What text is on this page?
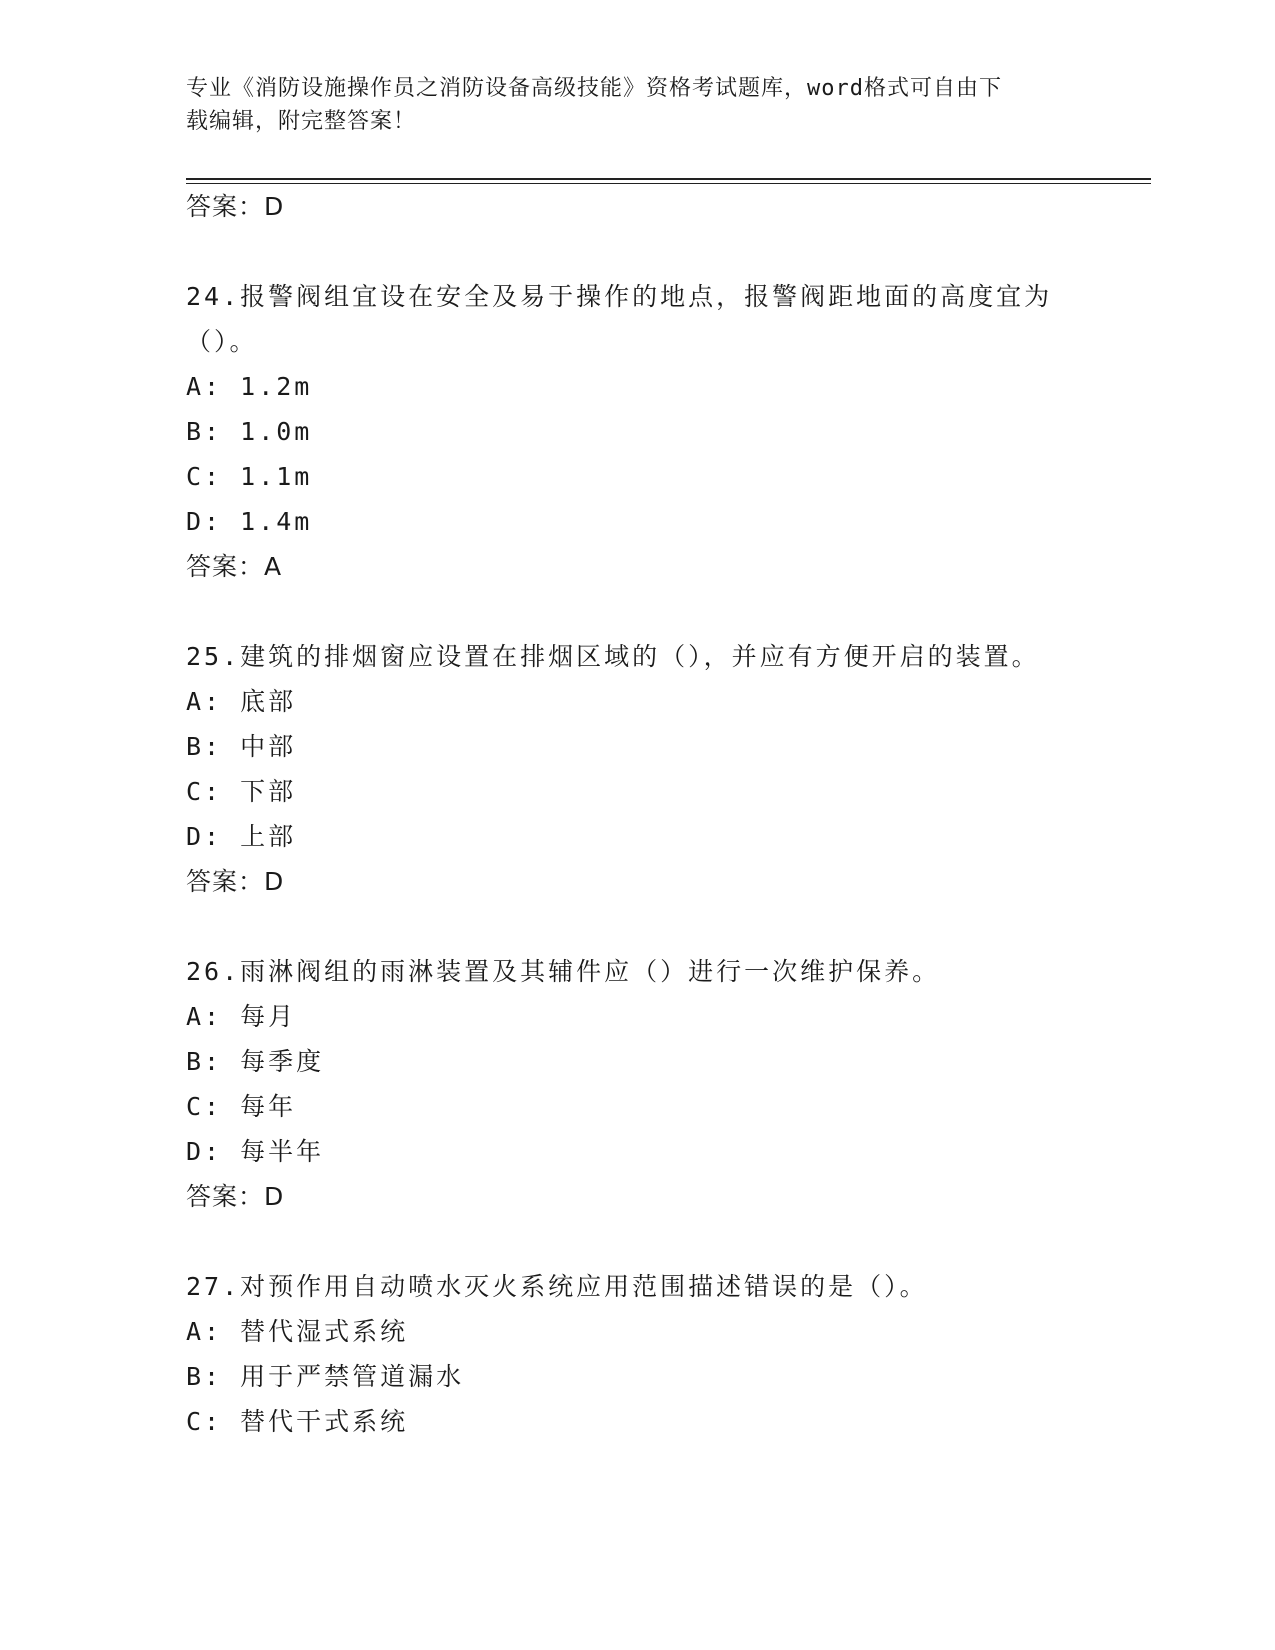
专业《消防设施操作员之消防设备高级技能》资格考试题库，word格式可自由下
载编辑，附完整答案！
答案：D
24.报警阀组宜设在安全及易于操作的地点，报警阀距地面的高度宜为
（）。
A: 1.2m
B: 1.0m
C: 1.1m
D: 1.4m
答案：A
25.建筑的排烟窗应设置在排烟区域的（），并应有方便开启的装置。
A: 底部
B: 中部
C: 下部
D: 上部
答案：D
26.雨淋阀组的雨淋装置及其辅件应（）进行一次维护保养。
A: 每月
B: 每季度
C: 每年
D: 每半年
答案：D
27.对预作用自动喷水灭火系统应用范围描述错误的是（）。
A: 替代湿式系统
B: 用于严禁管道漏水
C: 替代干式系统
